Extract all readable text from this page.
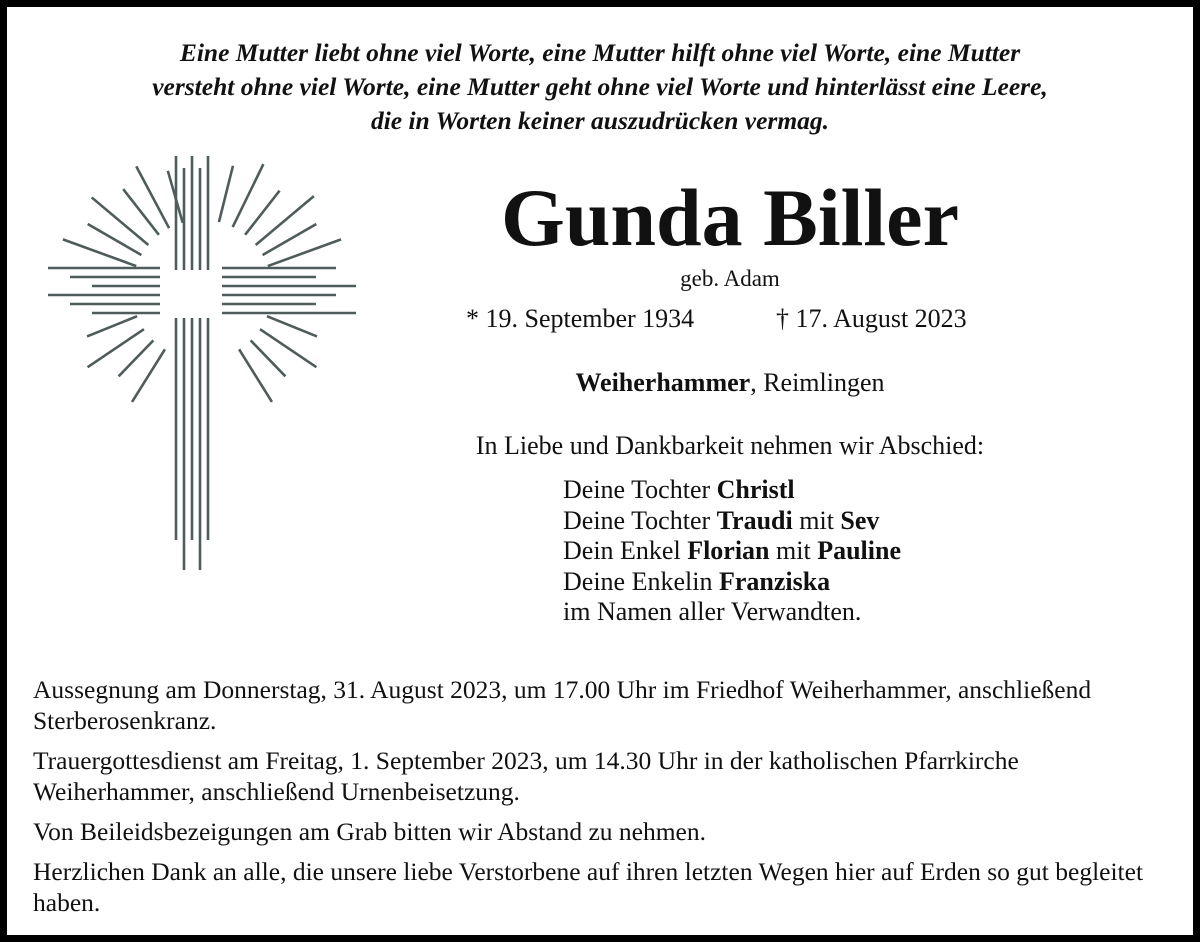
Eine Mutter liebt ohne viel Worte, eine Mutter hilft ohne viel Worte, eine Mutter
versteht ohne viel Worte, eine Mutter geht ohne viel Worte und hinterlässt eine Leere,
die in Worten keiner auszudrücken vermag.
Gunda Biller
geb. Adam
* 19. September 1934	† 17. August 2023
Weiherhammer, Reimlingen
In Liebe und Dankbarkeit nehmen wir Abschied:
Deine Tochter Christl
Deine Tochter Traudi mit Sev
Dein Enkel Florian mit Pauline
Deine Enkelin Franziska
im Namen aller Verwandten.

Aussegnung am Donnerstag, 31. August 2023, um 17.00 Uhr im Friedhof Weiherhammer, anschließend Sterberosenkranz.

Trauergottesdienst am Freitag, 1. September 2023, um 14.30 Uhr in der katholischen Pfarrkirche Weiherhammer, anschließend Urnenbeisetzung.

Von Beileidsbezeigungen am Grab bitten wir Abstand zu nehmen.

Herzlichen Dank an alle, die unsere liebe Verstorbene auf ihren letzten Wegen hier auf Erden so gut begleitet haben.
